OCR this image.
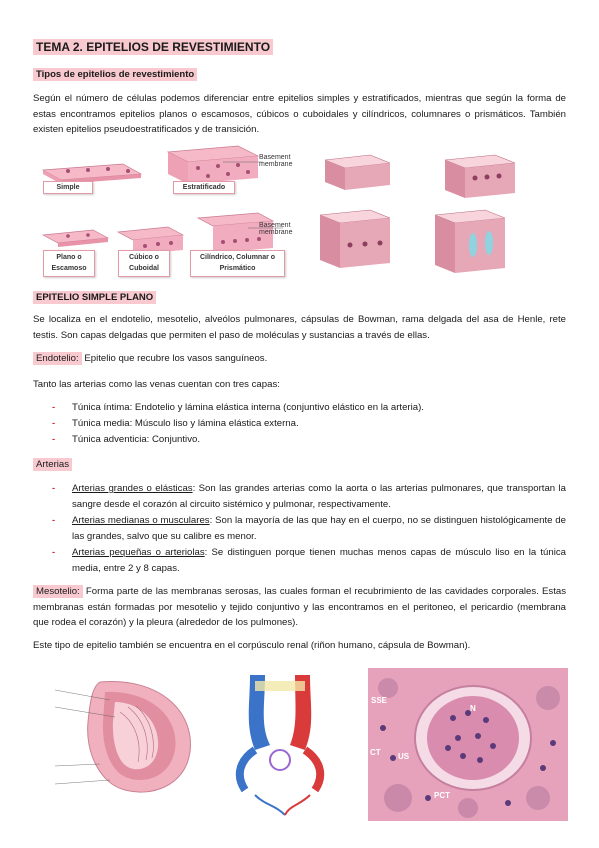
TEMA 2. EPITELIOS DE REVESTIMIENTO
Tipos de epitelios de revestimiento
Según el número de células podemos diferenciar entre epitelios simples y estratificados, mientras que según la forma de estas encontramos epitelios planos o escamosos, cúbicos o cuboidales y cilíndricos, columnares o prismáticos. También existen epitelios pseudoestratificados y de transición.
Simple	Estratificado
Basement membrane
Basement membrane
Plano o Escamoso
Cúbico o Cuboidal
Cilíndrico, Columnar o Prismático
EPITELIO SIMPLE PLANO
Se localiza en el endotelio, mesotelio, alveólos pulmonares, cápsulas de Bowman, rama delgada del asa de Henle, rete testis. Son capas delgadas que permiten el paso de moléculas y sustancias a través de ellas.
Endotelio: Epitelio que recubre los vasos sanguíneos.
Tanto las arterias como las venas cuentan con tres capas:
- Túnica íntima: Endotelio y lámina elástica interna (conjuntivo elástico en la arteria).
- Túnica media: Músculo liso y lámina elástica externa.
- Túnica adventicia: Conjuntivo.
Arterias
- Arterias grandes o elásticas: Son las grandes arterias como la aorta o las arterias pulmonares, que transportan la sangre desde el corazón al circuito sistémico y pulmonar, respectivamente.
- Arterias medianas o musculares: Son la mayoría de las que hay en el cuerpo, no se distinguen histológicamente de las grandes, salvo que su calibre es menor.
- Arterias pequeñas o arteriolas: Se distinguen porque tienen muchas menos capas de músculo liso en la túnica media, entre 2 y 8 capas.
Mesotelio: Forma parte de las membranas serosas, las cuales forman el recubrimiento de las cavidades corporales. Estas membranas están formadas por mesotelio y tejido conjuntivo y las encontramos en el peritoneo, el pericardio (membrana que rodea el corazón) y la pleura (alrededor de los pulmones).
Este tipo de epitelio también se encuentra en el corpúsculo renal (riñon humano, cápsula de Bowman).
SSE
N
CT US
PCT
